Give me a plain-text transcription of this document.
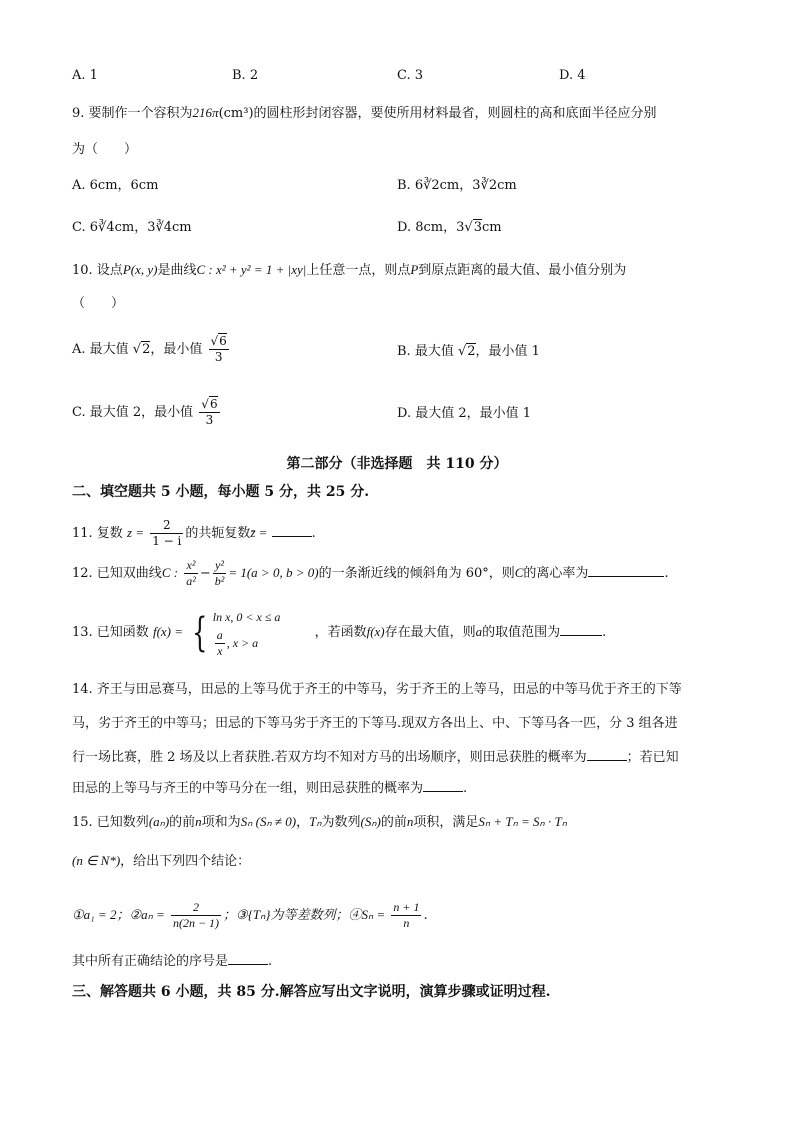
A. 1	B. 2	C. 3	D. 4
9. 要制作一个容积为216π(cm³)的圆柱形封闭容器，要使所用材料最省，则圆柱的高和底面半径应分别
为（　　）
A. 6cm，6cm	B. 6∛2cm，3∛2cm
C. 6∛4cm，3∛4cm	D. 8cm，3√3cm
10. 设点P(x, y)是曲线C : x² + y² = 1 + |xy|上任意一点，则点P到原点距离的最大值、最小值分别为
（　　）
A. 最大值 √2，最小值 $\frac{√6}{3}$	B. 最大值 √2，最小值 1
C. 最大值 2，最小值 $\frac{√6}{3}$	D. 最大值 2，最小值 1
第二部分（非选择题　共 110 分）
二、填空题共 5 小题，每小题 5 分，共 25 分.
11. 复数 $z = \frac{2}{1 - i}$ 的共轭复数z̄ =	.
12. 已知双曲线C : $\frac{\text{x²}}{\text{a²}} - \frac{\text{y²}}{\text{b²}} = 1(a > 0$, b > 0)的一条渐近线的倾斜角为 60°，则C的离心率为	.
13. 已知函数 f(x) = { ln x, 0 < x ≤ a
$\frac{a}{x}$ , x > a
，若函数f(x)存在最大值，则a的取值范围为	.
14. 齐王与田忌赛马，田忌的上等马优于齐王的中等马，劣于齐王的上等马，田忌的中等马优于齐王的下等
马，劣于齐王的中等马；田忌的下等马劣于齐王的下等马.现双方各出上、中、下等马各一匹，分 3 组各进
行一场比赛，胜 2 场及以上者获胜.若双方均不知对方马的出场顺序，则田忌获胜的概率为	；若已知
田忌的上等马与齐王的中等马分在一组，则田忌获胜的概率为	.
15. 已知数列(aₙ)的前n项和为Sₙ (Sₙ ≠ 0)，Tₙ为数列(Sₙ)的前n项积，满足Sₙ + Tₙ = Sₙ · Tₙ
(n ∈ N*)，给出下列四个结论：
①a₁ = 2；②aₙ = $\frac{2}{n(2n - 1)}$ ；③{Tₙ}为等差数列；④Sₙ = $\frac{n + 1}{n}$ .
其中所有正确结论的序号是	.
三、解答题共 6 小题，共 85 分.解答应写出文字说明，演算步骤或证明过程.
